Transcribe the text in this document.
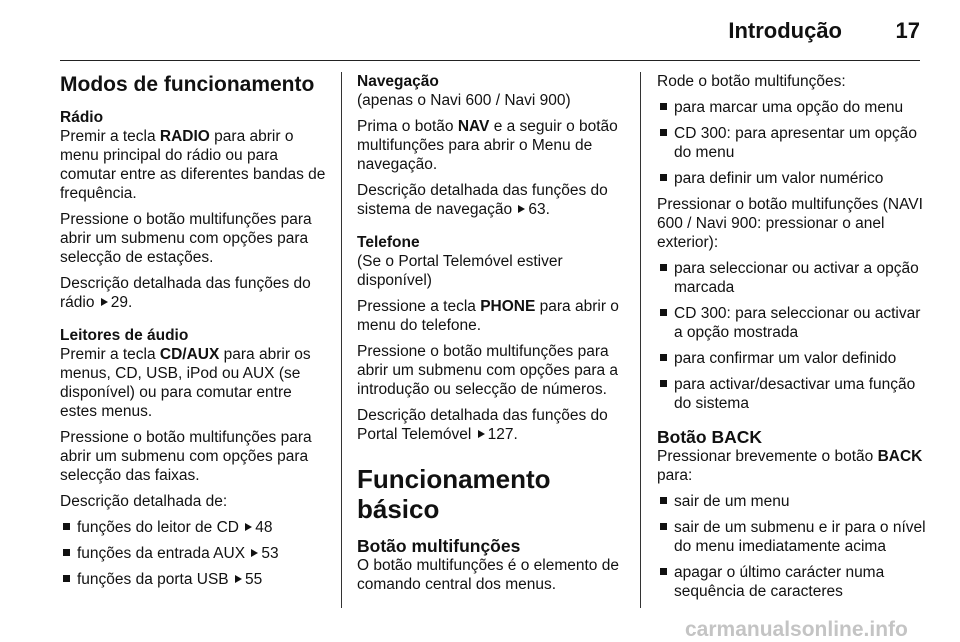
Introdução 17
Modos de funcionamento
Rádio

Premir a tecla RADIO para abrir o menu principal do rádio ou para comutar entre as diferentes bandas de frequência.

Pressione o botão multifunções para abrir um submenu com opções para selecção de estações.

Descrição detalhada das funções do rádio 29.

Leitores de áudio

Premir a tecla CD/AUX para abrir os menus, CD, USB, iPod ou AUX (se disponível) ou para comutar entre estes menus.

Pressione o botão multifunções para abrir um submenu com opções para selecção das faixas.

Descrição detalhada de:

funções do leitor de CD 48
funções da entrada AUX 53
funções da porta USB 55
Navegação

(apenas o Navi 600 / Navi 900)

Prima o botão NAV e a seguir o botão multifunções para abrir o Menu de navegação.

Descrição detalhada das funções do sistema de navegação 63.

Telefone

(Se o Portal Telemóvel estiver disponível)

Pressione a tecla PHONE para abrir o menu do telefone.

Pressione o botão multifunções para abrir um submenu com opções para a introdução ou selecção de números.

Descrição detalhada das funções do Portal Telemóvel 127.

Funcionamento básico
Botão multifunções

O botão multifunções é o elemento de comando central dos menus.

Rode o botão multifunções:

para marcar uma opção do menu
CD 300: para apresentar um opção do menu
para definir um valor numérico

Pressionar o botão multifunções (NAVI 600 / Navi 900: pressionar o anel exterior):

para seleccionar ou activar a opção marcada
CD 300: para seleccionar ou activar a opção mostrada
para confirmar um valor definido
para activar/desactivar uma função do sistema
Botão BACK

Pressionar brevemente o botão BACK para:

sair de um menu
sair de um submenu e ir para o nível do menu imediatamente acima
apagar o último carácter numa sequência de caracteres
carmanualsonline.info
